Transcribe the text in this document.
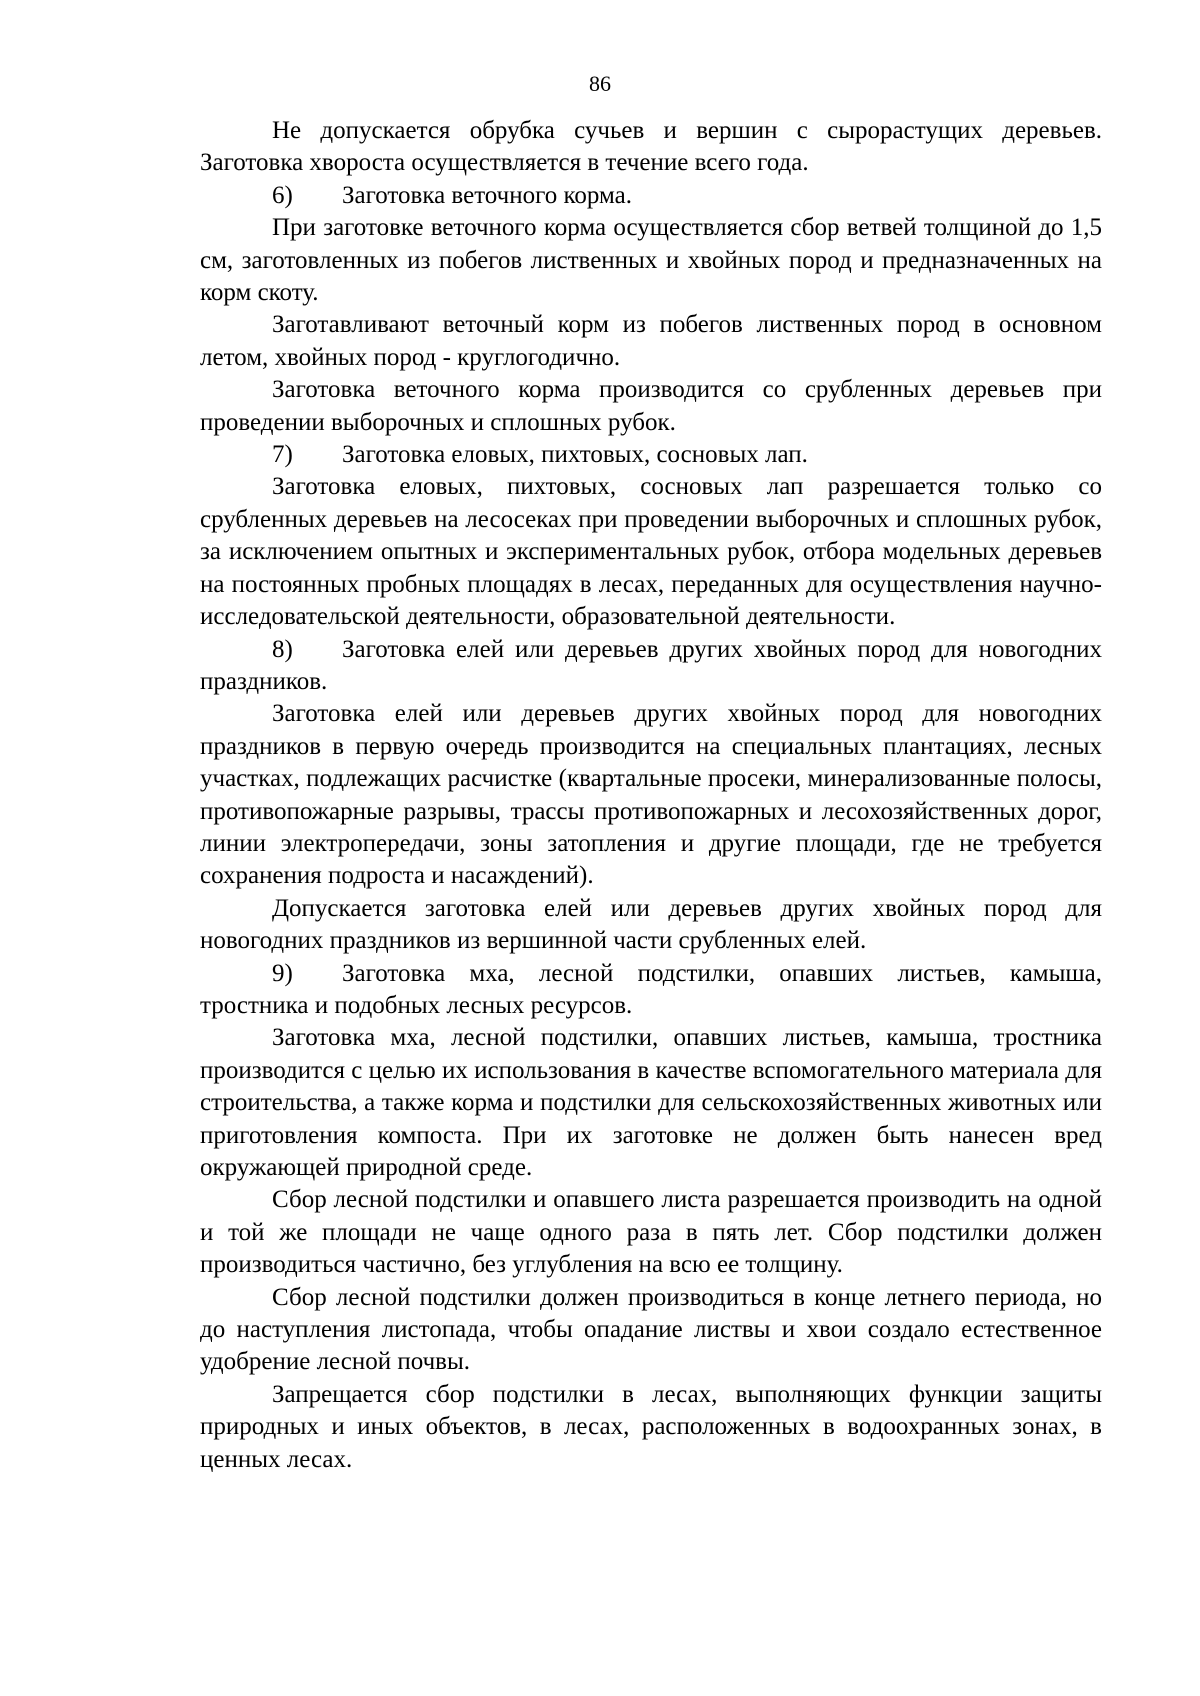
86

Не допускается обрубка сучьев и вершин с сырорастущих деревьев. Заготовка хвороста осуществляется в течение всего года.

6) Заготовка веточного корма.

При заготовке веточного корма осуществляется сбор ветвей толщиной до 1,5 см, заготовленных из побегов лиственных и хвойных пород и предназначенных на корм скоту.

Заготавливают веточный корм из побегов лиственных пород в основном летом, хвойных пород - круглогодично.

Заготовка веточного корма производится со срубленных деревьев при проведении выборочных и сплошных рубок.

7) Заготовка еловых, пихтовых, сосновых лап.

Заготовка еловых, пихтовых, сосновых лап разрешается только со срубленных деревьев на лесосеках при проведении выборочных и сплошных рубок, за исключением опытных и экспериментальных рубок, отбора модельных деревьев на постоянных пробных площадях в лесах, переданных для осуществления научно-исследовательской деятельности, образовательной деятельности.

8) Заготовка елей или деревьев других хвойных пород для новогодних праздников.

Заготовка елей или деревьев других хвойных пород для новогодних праздников в первую очередь производится на специальных плантациях, лесных участках, подлежащих расчистке (квартальные просеки, минерализованные полосы, противопожарные разрывы, трассы противопожарных и лесохозяйственных дорог, линии электропередачи, зоны затопления и другие площади, где не требуется сохранения подроста и насаждений).

Допускается заготовка елей или деревьев других хвойных пород для новогодних праздников из вершинной части срубленных елей.

9) Заготовка мха, лесной подстилки, опавших листьев, камыша, тростника и подобных лесных ресурсов.

Заготовка мха, лесной подстилки, опавших листьев, камыша, тростника производится с целью их использования в качестве вспомогательного материала для строительства, а также корма и подстилки для сельскохозяйственных животных или приготовления компоста. При их заготовке не должен быть нанесен вред окружающей природной среде.

Сбор лесной подстилки и опавшего листа разрешается производить на одной и той же площади не чаще одного раза в пять лет. Сбор подстилки должен производиться частично, без углубления на всю ее толщину.

Сбор лесной подстилки должен производиться в конце летнего периода, но до наступления листопада, чтобы опадание листвы и хвои создало естественное удобрение лесной почвы.

Запрещается сбор подстилки в лесах, выполняющих функции защиты природных и иных объектов, в лесах, расположенных в водоохранных зонах, в ценных лесах.
